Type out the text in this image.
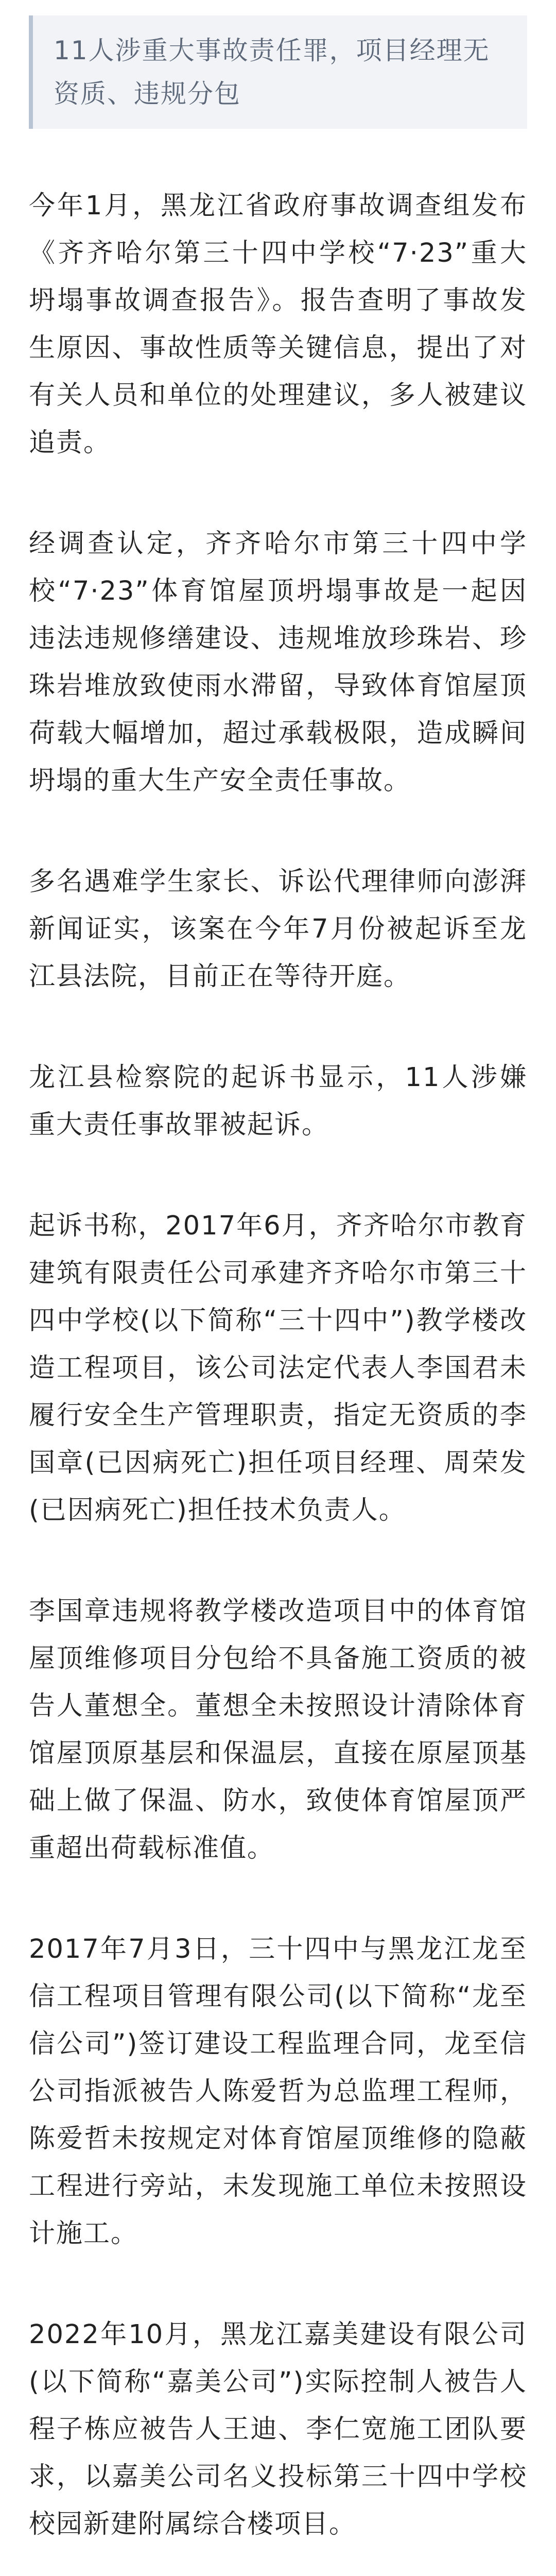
11人涉重大事故责任罪，项目经理无资质、违规分包

今年1月，黑龙江省政府事故调查组发布《齐齐哈尔第三十四中学校“7·23”重大坍塌事故调查报告》。报告查明了事故发生原因、事故性质等关键信息，提出了对有关人员和单位的处理建议，多人被建议追责。

经调查认定，齐齐哈尔市第三十四中学校“7·23”体育馆屋顶坍塌事故是一起因违法违规修缮建设、违规堆放珍珠岩、珍珠岩堆放致使雨水滞留，导致体育馆屋顶荷载大幅增加，超过承载极限，造成瞬间坍塌的重大生产安全责任事故。

多名遇难学生家长、诉讼代理律师向澎湃新闻证实，该案在今年7月份被起诉至龙江县法院，目前正在等待开庭。

龙江县检察院的起诉书显示，11人涉嫌重大责任事故罪被起诉。

起诉书称，2017年6月，齐齐哈尔市教育建筑有限责任公司承建齐齐哈尔市第三十四中学校(以下简称“三十四中”)教学楼改造工程项目，该公司法定代表人李国君未履行安全生产管理职责，指定无资质的李国章(已因病死亡)担任项目经理、周荣发(已因病死亡)担任技术负责人。

李国章违规将教学楼改造项目中的体育馆屋顶维修项目分包给不具备施工资质的被告人董想全。董想全未按照设计清除体育馆屋顶原基层和保温层，直接在原屋顶基础上做了保温、防水，致使体育馆屋顶严重超出荷载标准值。

2017年7月3日，三十四中与黑龙江龙至信工程项目管理有限公司(以下简称“龙至信公司”)签订建设工程监理合同，龙至信公司指派被告人陈爱哲为总监理工程师，陈爱哲未按规定对体育馆屋顶维修的隐蔽工程进行旁站，未发现施工单位未按照设计施工。

2022年10月，黑龙江嘉美建设有限公司(以下简称“嘉美公司”)实际控制人被告人程子栋应被告人王迪、李仁宽施工团队要求，以嘉美公司名义投标第三十四中学校校园新建附属综合楼项目。
